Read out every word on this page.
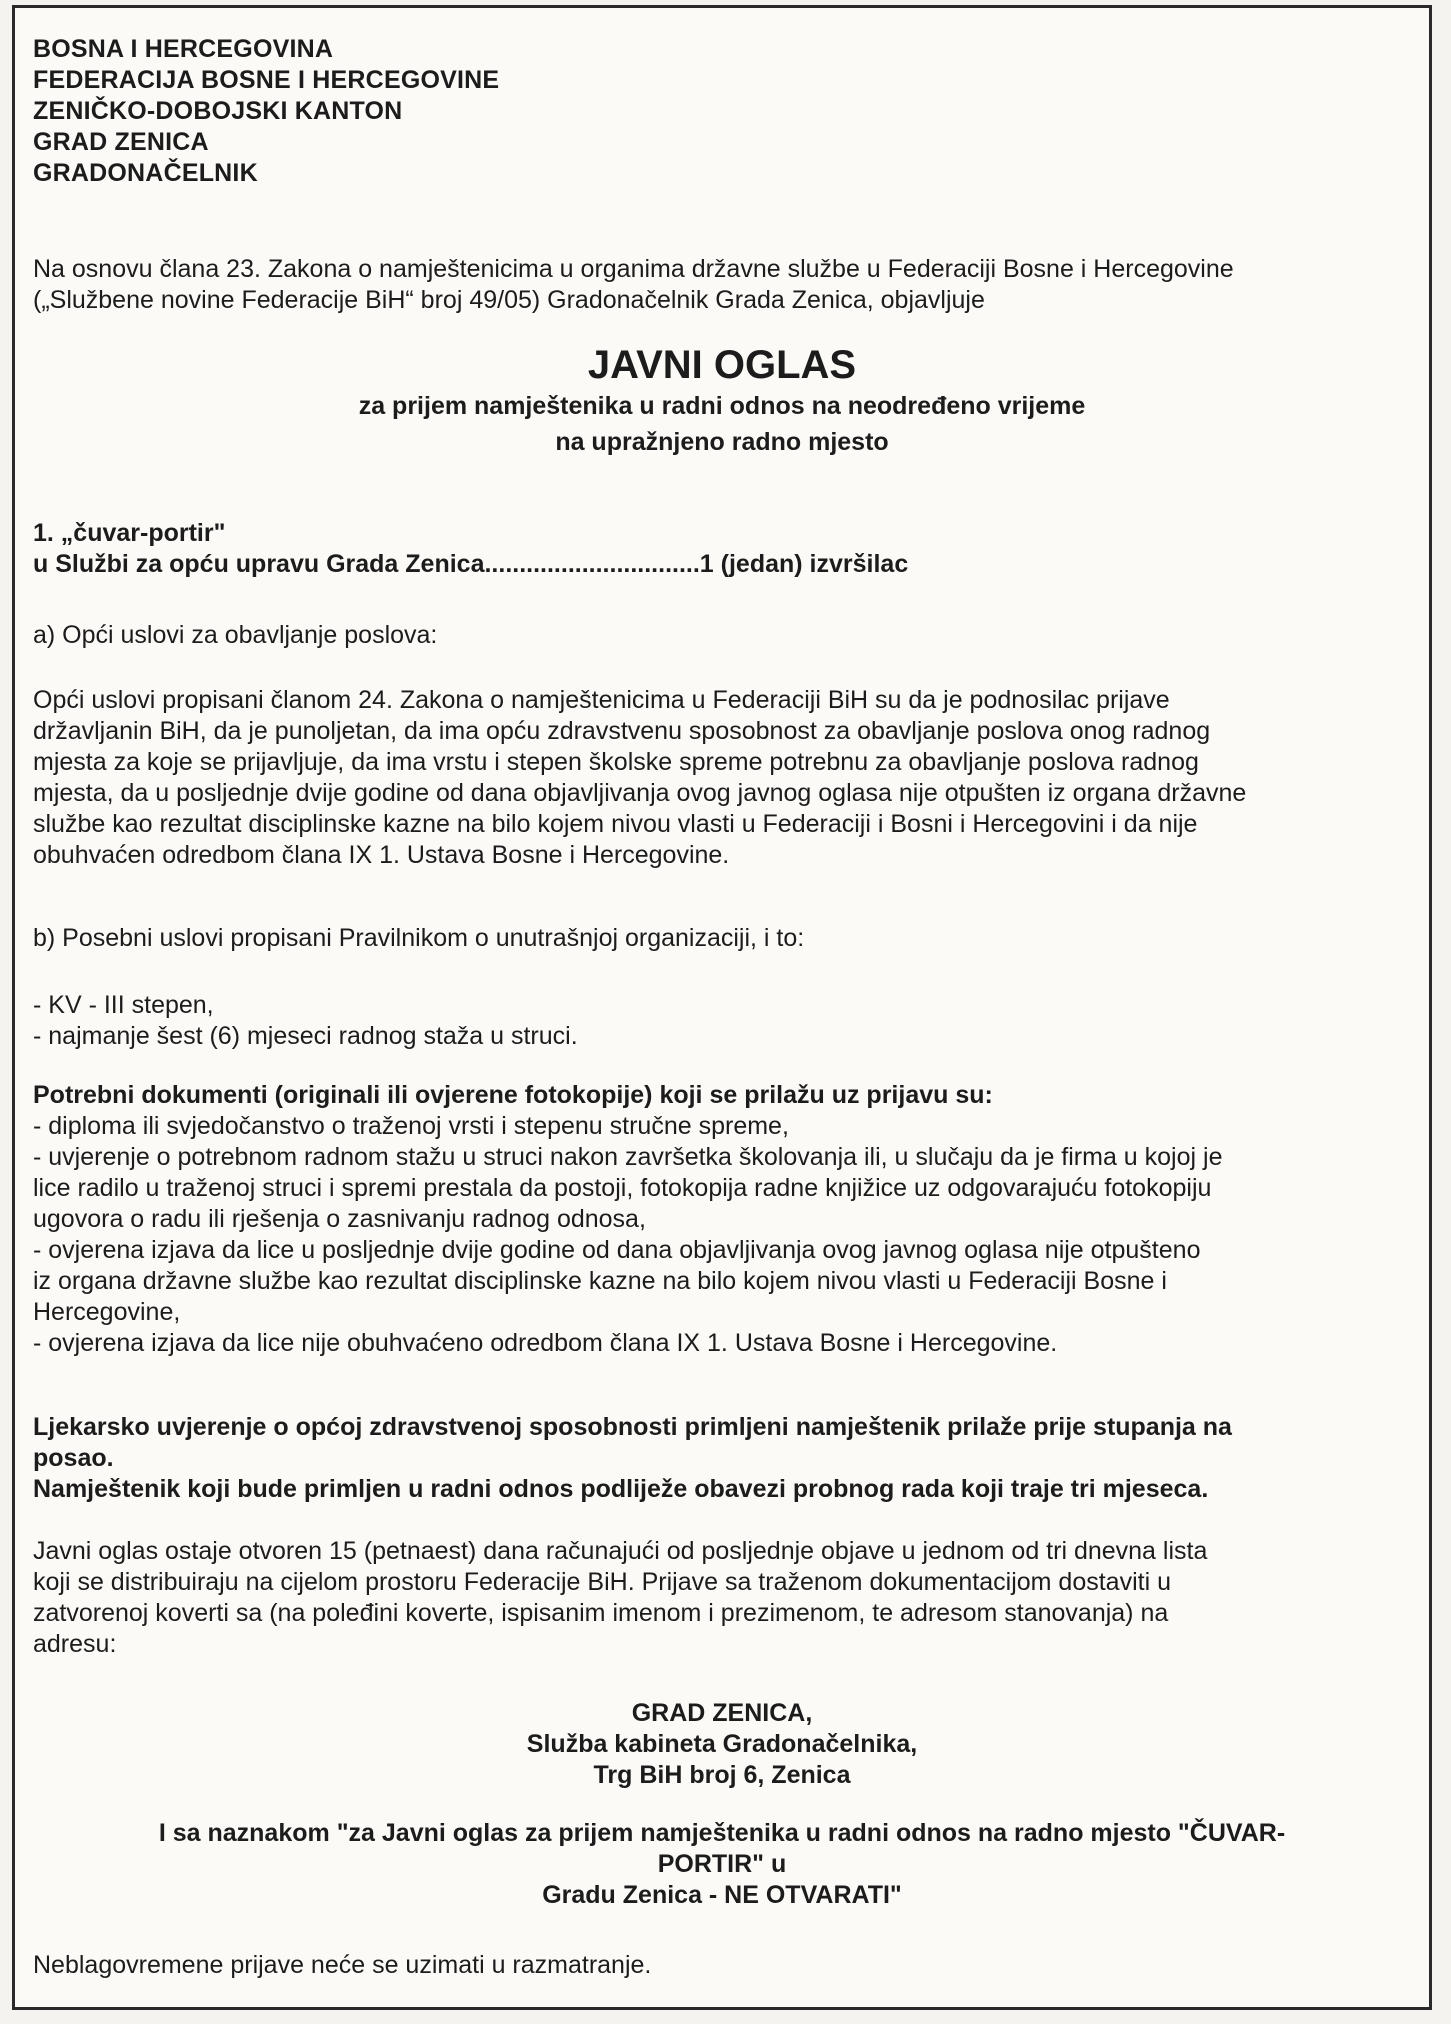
BOSNA I HERCEGOVINA
FEDERACIJA BOSNE I HERCEGOVINE
ZENIČKO-DOBOJSKI KANTON
GRAD ZENICA
GRADONAČELNIK
Na osnovu člana 23. Zakona o namještenicima u organima državne službe u Federaciji Bosne i Hercegovine
(„Službene novine Federacije BiH“ broj 49/05) Gradonačelnik Grada Zenica, objavljuje

JAVNI OGLAS

za prijem namještenika u radni odnos na neodređeno vrijeme

na upražnjeno radno mjesto

1. „čuvar-portir"
u Službi za opću upravu Grada Zenica...............................1 (jedan) izvršilac
a) Opći uslovi za obavljanje poslova:
Opći uslovi propisani članom 24. Zakona o namještenicima u Federaciji BiH su da je podnosilac prijave
državljanin BiH, da je punoljetan, da ima opću zdravstvenu sposobnost za obavljanje poslova onog radnog
mjesta za koje se prijavljuje, da ima vrstu i stepen školske spreme potrebnu za obavljanje poslova radnog
mjesta, da u posljednje dvije godine od dana objavljivanja ovog javnog oglasa nije otpušten iz organa državne
službe kao rezultat disciplinske kazne na bilo kojem nivou vlasti u Federaciji i Bosni i Hercegovini i da nije
obuhvaćen odredbom člana IX 1. Ustava Bosne i Hercegovine.
b) Posebni uslovi propisani Pravilnikom o unutrašnjoj organizaciji, i to:
- KV - III stepen,
- najmanje šest (6) mjeseci radnog staža u struci.
Potrebni dokumenti (originali ili ovjerene fotokopije) koji se prilažu uz prijavu su:
- diploma ili svjedočanstvo o traženoj vrsti i stepenu stručne spreme,
- uvjerenje o potrebnom radnom stažu u struci nakon završetka školovanja ili, u slučaju da je firma u kojoj je
lice radilo u traženoj struci i spremi prestala da postoji, fotokopija radne knjižice uz odgovarajuću fotokopiju
ugovora o radu ili rješenja o zasnivanju radnog odnosa,
- ovjerena izjava da lice u posljednje dvije godine od dana objavljivanja ovog javnog oglasa nije otpušteno
iz organa državne službe kao rezultat disciplinske kazne na bilo kojem nivou vlasti u Federaciji Bosne i
Hercegovine,
- ovjerena izjava da lice nije obuhvaćeno odredbom člana IX 1. Ustava Bosne i Hercegovine.
Ljekarsko uvjerenje o općoj zdravstvenoj sposobnosti primljeni namještenik prilaže prije stupanja na
posao.
Namještenik koji bude primljen u radni odnos podliježe obavezi probnog rada koji traje tri mjeseca.
Javni oglas ostaje otvoren 15 (petnaest) dana računajući od posljednje objave u jednom od tri dnevna lista
koji se distribuiraju na cijelom prostoru Federacije BiH. Prijave sa traženom dokumentacijom dostaviti u
zatvorenoj koverti sa (na poleđini koverte, ispisanim imenom i prezimenom, te adresom stanovanja) na
adresu:
GRAD ZENICA,
Služba kabineta Gradonačelnika,
Trg BiH broj 6, Zenica
I sa naznakom "za Javni oglas za prijem namještenika u radni odnos na radno mjesto "ČUVAR-
PORTIR" u
Gradu Zenica - NE OTVARATI"
Neblagovremene prijave neće se uzimati u razmatranje.
